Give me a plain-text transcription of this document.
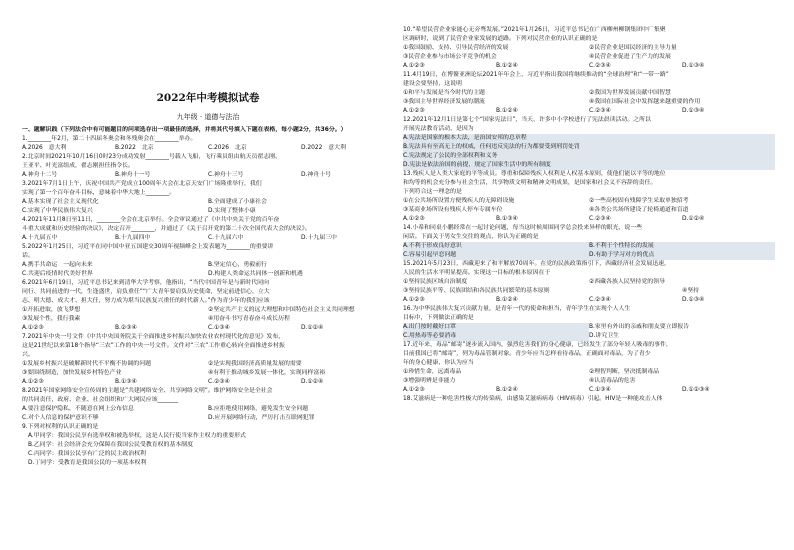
2022年中考模拟试卷
九年级 · 道德与法治
一、题解识践（下列法合中有可能题目的问项选存出一项最佳的选择，并将其代号填入下题在表格，每小题2分，共36分。）
1.________年2月，第二十四届冬奥会和冬残奥会在________举办。
A.2026　意大利	B.2022　北京	C.2026　北京	D.2022　意大利
2.北京时间2021年10月16日0时23分成功发射________号载人飞船，飞行乘员组由航天员翟志刚、
王亚平、叶光富组成，翟志刚担任指令长。
A.神舟十二号	B.神舟十一号	C.神舟十三号	D.神舟十号
3.2021年7月1日上午，庆祝中国共产党成立100周年大会在北京天安门广场隆重举行，我们
实现了第一个百年奋斗目标，意味着中华大地上________。
A.基本实现了社会主义现代化	B.全面建成了小康社会
C.实现了中华民族伟大复兴	D.实现了整体小康
4.2021年11月8日至11日，________全会在北京举行。全会审议通过了《中共中央关于党的百年奋
斗重大成就和历史经验的决议》，决定召开________，并通过了《关于召开党的第二十次全国代表大会的决议》。
A.十九届五中	B.十九届四中	C.十九届六中	D.十九届三中
5.2022年1月25日，习近平在同中国中亚五国建交30周年视频峰会上发表题为________的重要讲
话。
A.携手共命运　一起向未来	B.坚定信心，勇毅前行
C.共迎后疫情时代美好世界	D.构建人类命运共同体一创新和机遇
6.2021年6月19日，习近平总书记来到清华大学考察，他指出，“当代中国青年是与新时代同向
同行、共同前进的一代，生逢盛世，肩负重任”“广大青年要肩负历史使命，坚定前进信心，立大
志、明大德、成大才、担大任，努力成为堪当民族复兴重任的时代新人。”作为青少年的我们应该
①开拓进取，放飞梦想	②坚定共产主义的远大理想和中国特色社会主义共同理想
③发展个性，我行我素	④用奋斗书写青春奋斗成长历程
A.①②③	B.②③④	C.①③④	D.①②④
7.2021年中央一号文件《中共中央国务院关于全面推进乡村振兴加快农业农村现代化的意见》发布，
这是21世纪以来第18个指导“三农”工作的中央一号文件。文件对“三农”工作重心转向全面推进乡村振
兴。
①发展乡村振兴是破解新时代不平衡不协调的问题	②是实现我国经济高质量发展的需要
③要围绕制造，加快发展乡村特色产业	④有利于推动城乡发展一体化，实现同样富裕
A.①②③	B.①③④	C.②③④	D.①②④
8.2021年国家网络安全宣传周的主题是“共建网络安全、共享网络文明”。维护网络安全是全社会
的共同责任，政府、企业、社会组织和广大网民应该_______
A.要注意保护隐私，不随意在网上公布信息	B.应拒绝使用网络，避免发生安全问题
C.对个人信息的保护意识不够	D.应开展网络行动，严厉打击互联网犯罪
9.下列对权利的认识正确的是
A.甲同学：我国公民享有选举权和被选举权，这是人民行使当家作主权力的重要形式
B.乙同学：社会经济会充分保障在我国公民受教育权的基本制度
C.丙同学：我国公民享有广泛的民主政治权利
D.丁同学：受教育是我国公民的一项基本权利
10.“希望民营企业家能心无旁骛发展。”2021年1月26日，习近平总书记在广西柳州柳钢集团中厂集聚
区调研时，说到了民营企业家发展的道路。下列对民营企业的认识正确的是
①我国鼓励、支持、引导民营经济的发展	②民营企业是国民经济的主导力量
③民营企业参与市场公平竞争的机会	④民营企业促进了生产力的发展
A.①②③	B.①②④	C.②③④	D.①③④
11.4月19日，在博鳌亚洲论坛2021年年会上，习近平指出我国将继续推动的“全球治理”和“一带一路”
建设会要坚持，这说明
①和平与发展是当今时代的主题	②我国为世界发展贡献中国智慧
③我国主导世界经济发展的潮流	④我国在国际社会中发挥越来越重要的作用
A.①②③	B.①②④	C.②③④	D.①③④
12.2021年12月1日是第七个“国家宪法日”，当天，许多中小学校进行了宪法晨读活动。之所以
开展宪法教育活动，是因为
A.宪法是国家的根本大法，是治国安邦的总章程
B.宪法具有至高无上的权威，任何违反宪法的行为都要受到刑罚处罚
C.宪法规定了公民的全部权利和义务
D.宪法是依法治国的前提，规定了国家生活中的所有制度
13.残疾人是人类大家庭的平等成员。尊重和保障残疾人权利是人权基本原则，使他们能以平等的地位
和均等的机会充分参与社会生活，共享物质文明和精神文明成果，是国家和社会义不容辞的责任。
下列符合这一理念的是
①在公共场所设置方便残疾人的无障碍设施	②一些高校固有残障学生采取单独招考
③某商业场所设有残疾人停车专属车位	④各类公共场所建设了轮椅通道和盲道
A.①②③	B.①③④	C.②③④	D.①②④
14.小希和同桌小鹏经常在一起讨论问题，每当这时候周围同学总会投来异样的眼光，说一些
闲话。下面关于男女生交往的观点，你认为正确的是
A.不利于形成良好意识	B.不利于个性特长的发展
C.容易引起早恋问题	D.有助于学习对方的优点
15.2021年5月23日，西藏迎来了和平解放70周年。在党的民族政策指引下，西藏经济社会发展迅速，
人民的生活水平明显提高。实现这一目标的根本原因在于
①坚持民族区域自治制度	②西藏各族人民坚持党的领导
③坚持民族平等、民族团结和各民族共同繁荣的基本原则	④坚持
A.①②③	B.①②④	C.②③④	D.①③④
16.为中华民族伟大复兴贡献力量，是青年一代的使命和担当，青年学生在实现个人人生
目标中，下列做法正确的是
A.出门按时戴好口罩	B.家里有外出的亲戚和朋友要立即报告
C.用热毒等必要消毒	D.讲究卫生
17.近年来，毒品“邮寄”逐步流入国内，强烈危害我们的身心健康，已经发生了部分年轻人吸毒的事件，
目前我国已将“邮寄”，列为毒品管制对象。青少年应当怎样看待毒品，正确面对毒品，为了青少
年的身心健康，你认为应当
①珍惜生命，远离毒品	②理智判断，坚决抵制毒品
③增强明辨是非能力	④认清毒品的危害
A.①②③	B.①②④	C.①③④	D.①②③④
18.艾滋病是一种危害性极大的传染病，由感染艾滋病病毒（HIV病毒）引起。HIV是一种能攻击人体
